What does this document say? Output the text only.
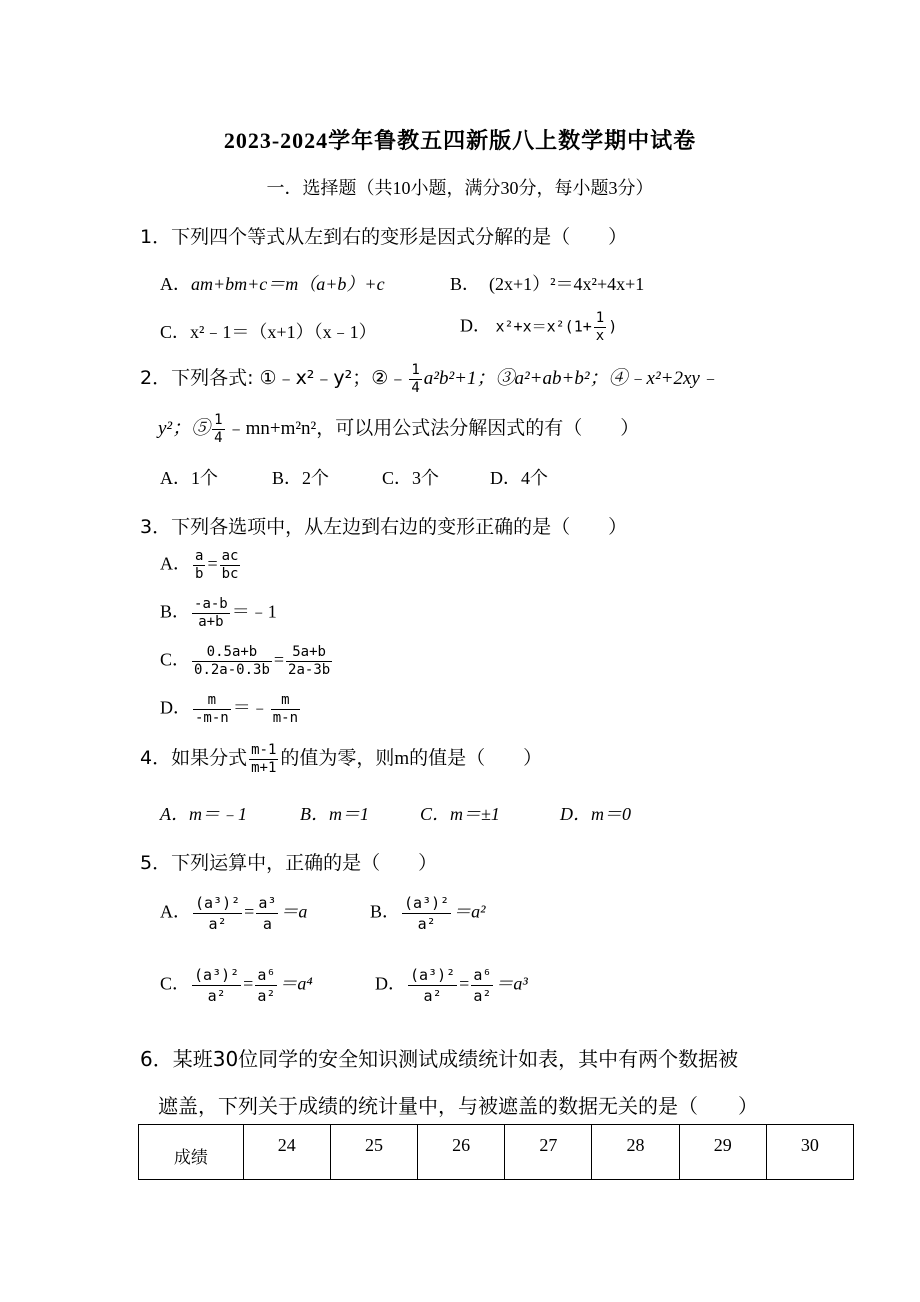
2023-2024学年鲁教五四新版八上数学期中试卷
一．选择题（共10小题，满分30分，每小题3分）
1．下列四个等式从左到右的变形是因式分解的是（　　）
A．am+bm+c＝m（a+b）+c	B． (2x+1）²＝4x²+4x+1
C．x²﹣1＝（x+1）（x﹣1）	D． $x^2+x=x^2(1+ \frac{1}{x}$ )
2．下列各式: ①﹣x²﹣y²；②﹣ $\frac{1}{4} a^2b^2+1$；③a²+ab+b²；④﹣x²+2xy﹣
y²；⑤ $\frac{1}{4}$ ﹣mn+m²n²，可以用公式法分解因式的有（　　）
A．1个	B．2个	C．3个	D．4个
3．下列各选项中，从左边到右边的变形正确的是（　　）
A． $\frac{a}{b} = \frac{ac}{bc}$
B． $\frac{-a-b}{a+b}$ ＝﹣1
C． $\frac{0.5a+b}{0.2a-0.3b} = \frac{5a+b}{2a-3b}$
D． $\frac{m}{-m-n}$ ＝﹣ $\frac{m}{m-n}$
4．如果分式 $\frac{m-1}{m+1}$ 的值为零，则m的值是（　　）
A．m＝﹣1	B．m＝1	C．m＝±1	D．m＝0
5．下列运算中，正确的是（　　）
A． $\frac{\text{(a³)²}}{\text{a²}} = \frac{\text{a³}}{a} =a$	B． $\frac{\text{(a³)²}}{\text{a²}} =a^2$
C． $\frac{\text{(a³)²}}{\text{a²}} = \frac{\text{a⁶}}{\text{a²}} =a^4$	D． $\frac{\text{(a³)²}}{\text{a²}} = \frac{\text{a⁶}}{\text{a²}} =a^3$
6．某班30位同学的安全知识测试成绩统计如表，其中有两个数据被
遮盖，下列关于成绩的统计量中，与被遮盖的数据无关的是（　　）
成绩	24	25	26	27	28	29	30
